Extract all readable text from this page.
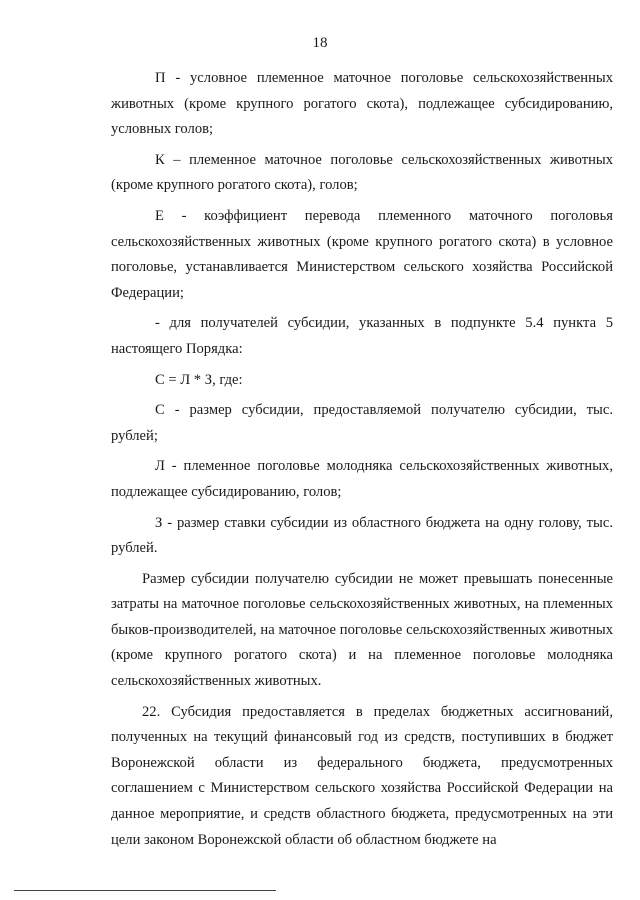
18

П - условное племенное маточное поголовье сельскохозяйственных животных (кроме крупного рогатого скота), подлежащее субсидированию, условных голов;

К – племенное маточное поголовье сельскохозяйственных животных (кроме крупного рогатого скота), голов;

Е - коэффициент перевода племенного маточного поголовья сельскохозяйственных животных (кроме крупного рогатого скота) в условное поголовье, устанавливается Министерством сельского хозяйства Российской Федерации;

- для получателей субсидии, указанных в подпункте 5.4 пункта 5 настоящего Порядка:

С = Л * З, где:

С - размер субсидии, предоставляемой получателю субсидии, тыс. рублей;

Л - племенное поголовье молодняка сельскохозяйственных животных, подлежащее субсидированию, голов;

З - размер ставки субсидии из областного бюджета на одну голову, тыс. рублей.

Размер субсидии получателю субсидии не может превышать понесенные затраты на маточное поголовье сельскохозяйственных животных, на племенных быков-производителей, на маточное поголовье сельскохозяйственных животных (кроме крупного рогатого скота) и на племенное поголовье молодняка сельскохозяйственных животных.

22. Субсидия предоставляется в пределах бюджетных ассигнований, полученных на текущий финансовый год из средств, поступивших в бюджет Воронежской области из федерального бюджета, предусмотренных соглашением с Министерством сельского хозяйства Российской Федерации на данное мероприятие, и средств областного бюджета, предусмотренных на эти цели законом Воронежской области об областном бюджете на
